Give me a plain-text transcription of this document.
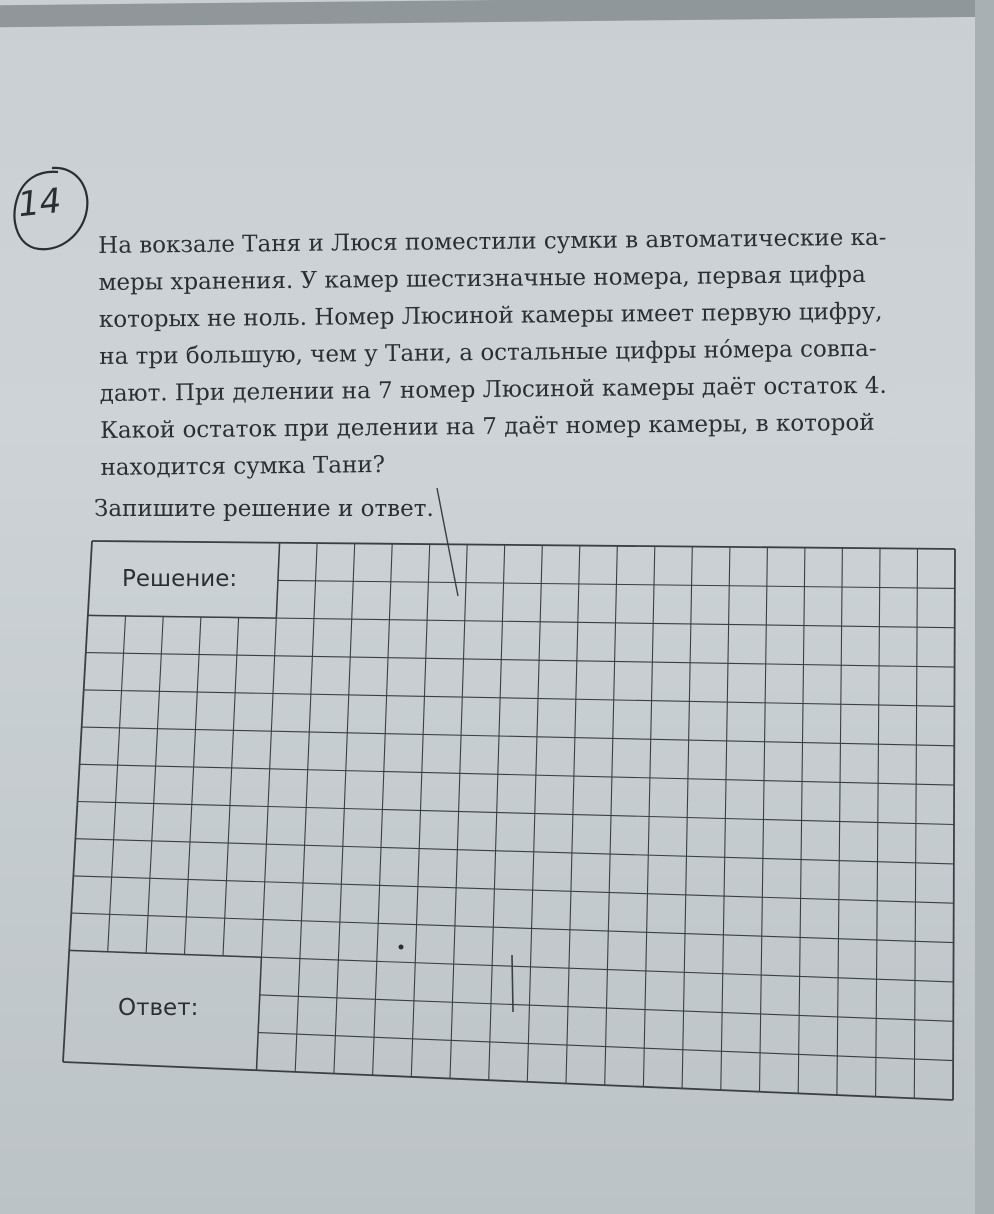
14
На вокзале Таня и Люся поместили сумки в автоматические ка-
меры хранения. У камер шестизначные номера, первая цифра
которых не ноль. Номер Люсиной камеры имеет первую цифру,
на три большую, чем у Тани, а остальные цифры нóмера совпа-
дают. При делении на 7 номер Люсиной камеры даёт остаток 4.
Какой остаток при делении на 7 даёт номер камеры, в которой
находится сумка Тани?
Запишите решение и ответ.
Решение:
Ответ:
